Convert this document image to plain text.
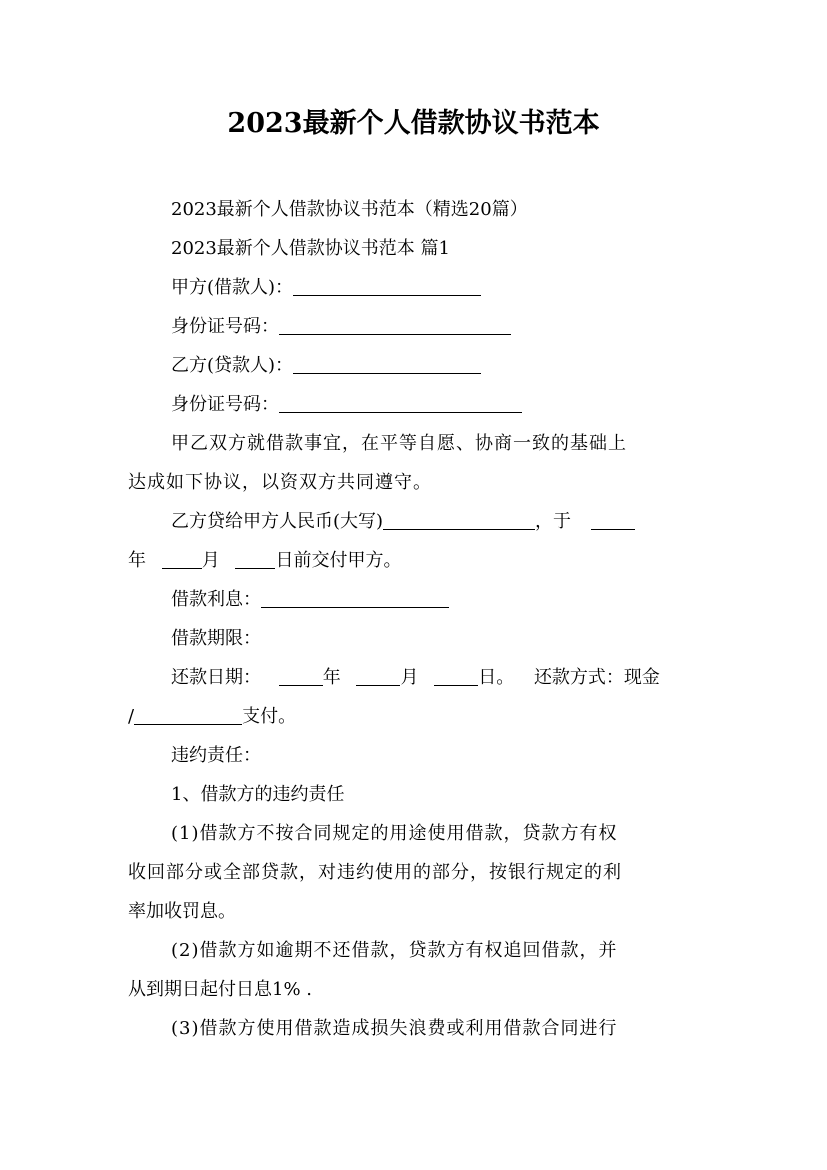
2023最新个人借款协议书范本
2023最新个人借款协议书范本（精选20篇）
2023最新个人借款协议书范本 篇1
甲方(借款人)：
身份证号码：
乙方(贷款人)：
身份证号码：
甲乙双方就借款事宜，在平等自愿、协商一致的基础上
达成如下协议，以资双方共同遵守。
乙方贷给甲方人民币(大写)	，于
年	月	日前交付甲方。
借款利息：
借款期限：
还款日期：	年	月	日。 还款方式：现金
/	支付。
违约责任：
1、借款方的违约责任
(1)借款方不按合同规定的用途使用借款，贷款方有权
收回部分或全部贷款，对违约使用的部分，按银行规定的利
率加收罚息。
(2)借款方如逾期不还借款，贷款方有权追回借款，并
从到期日起付日息1% .
(3)借款方使用借款造成损失浪费或利用借款合同进行
